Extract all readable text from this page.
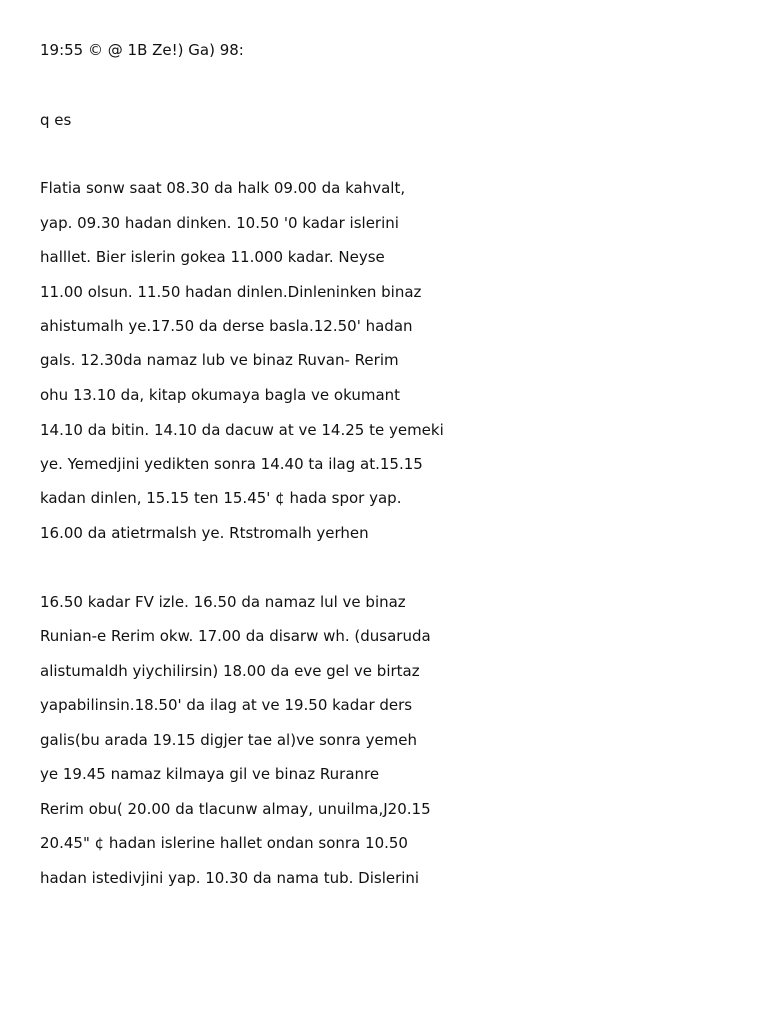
19:55 © @ 1B Ze!) Ga) 98:
q es
Flatia sonw saat 08.30 da halk 09.00 da kahvalt,
yap. 09.30 hadan dinken. 10.50 '0 kadar islerini
halllet. Bier islerin gokea 11.000 kadar. Neyse
11.00 olsun. 11.50 hadan dinlen.Dinleninken binaz
ahistumalh ye.17.50 da derse basla.12.50' hadan
gals. 12.30da namaz lub ve binaz Ruvan- Rerim
ohu 13.10 da, kitap okumaya bagla ve okumant
14.10 da bitin. 14.10 da dacuw at ve 14.25 te yemeki
ye. Yemedjini yedikten sonra 14.40 ta ilag at.15.15
kadan dinlen, 15.15 ten 15.45' ¢ hada spor yap.
16.00 da atietrmalsh ye. Rtstromalh yerhen
16.50 kadar FV izle. 16.50 da namaz lul ve binaz
Runian-e Rerim okw. 17.00 da disarw wh. (dusaruda
alistumaldh yiychilirsin) 18.00 da eve gel ve birtaz
yapabilinsin.18.50' da ilag at ve 19.50 kadar ders
galis(bu arada 19.15 digjer tae al)ve sonra yemeh
ye 19.45 namaz kilmaya gil ve binaz Ruranre
Rerim obu( 20.00 da tlacunw almay, unuilma,J20.15
20.45" ¢ hadan islerine hallet ondan sonra 10.50
hadan istedivjini yap. 10.30 da nama tub. Dislerini
